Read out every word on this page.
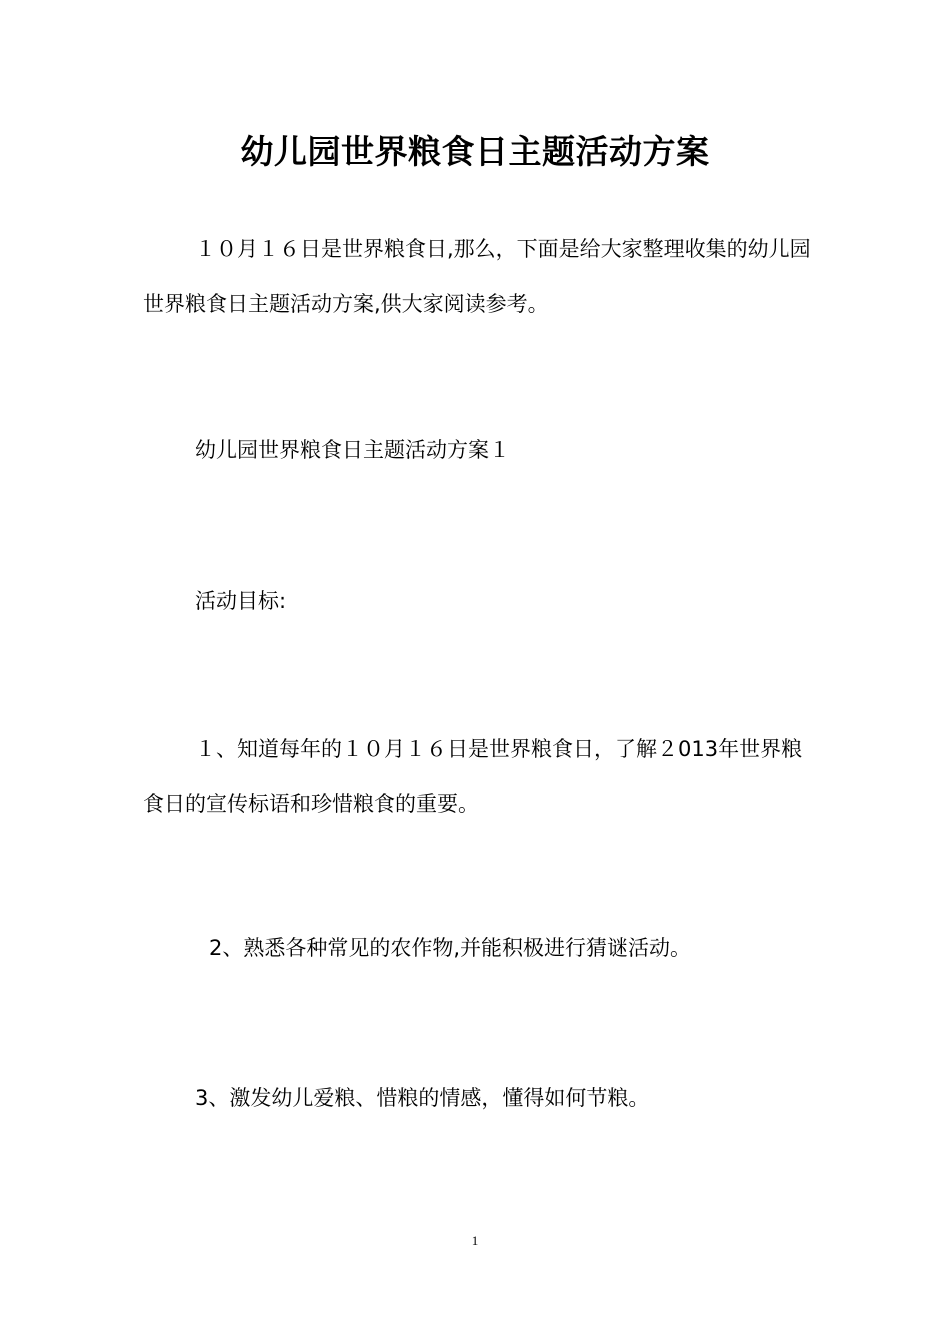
幼儿园世界粮食日主题活动方案

１０月１６日是世界粮食日,那么，下面是给大家整理收集的幼儿园世界粮食日主题活动方案,供大家阅读参考。

幼儿园世界粮食日主题活动方案１

活动目标:

１、知道每年的１０月１６日是世界粮食日，了解２013年世界粮食日的宣传标语和珍惜粮食的重要。

2、熟悉各种常见的农作物,并能积极进行猜谜活动。

3、激发幼儿爱粮、惜粮的情感，懂得如何节粮。

1
